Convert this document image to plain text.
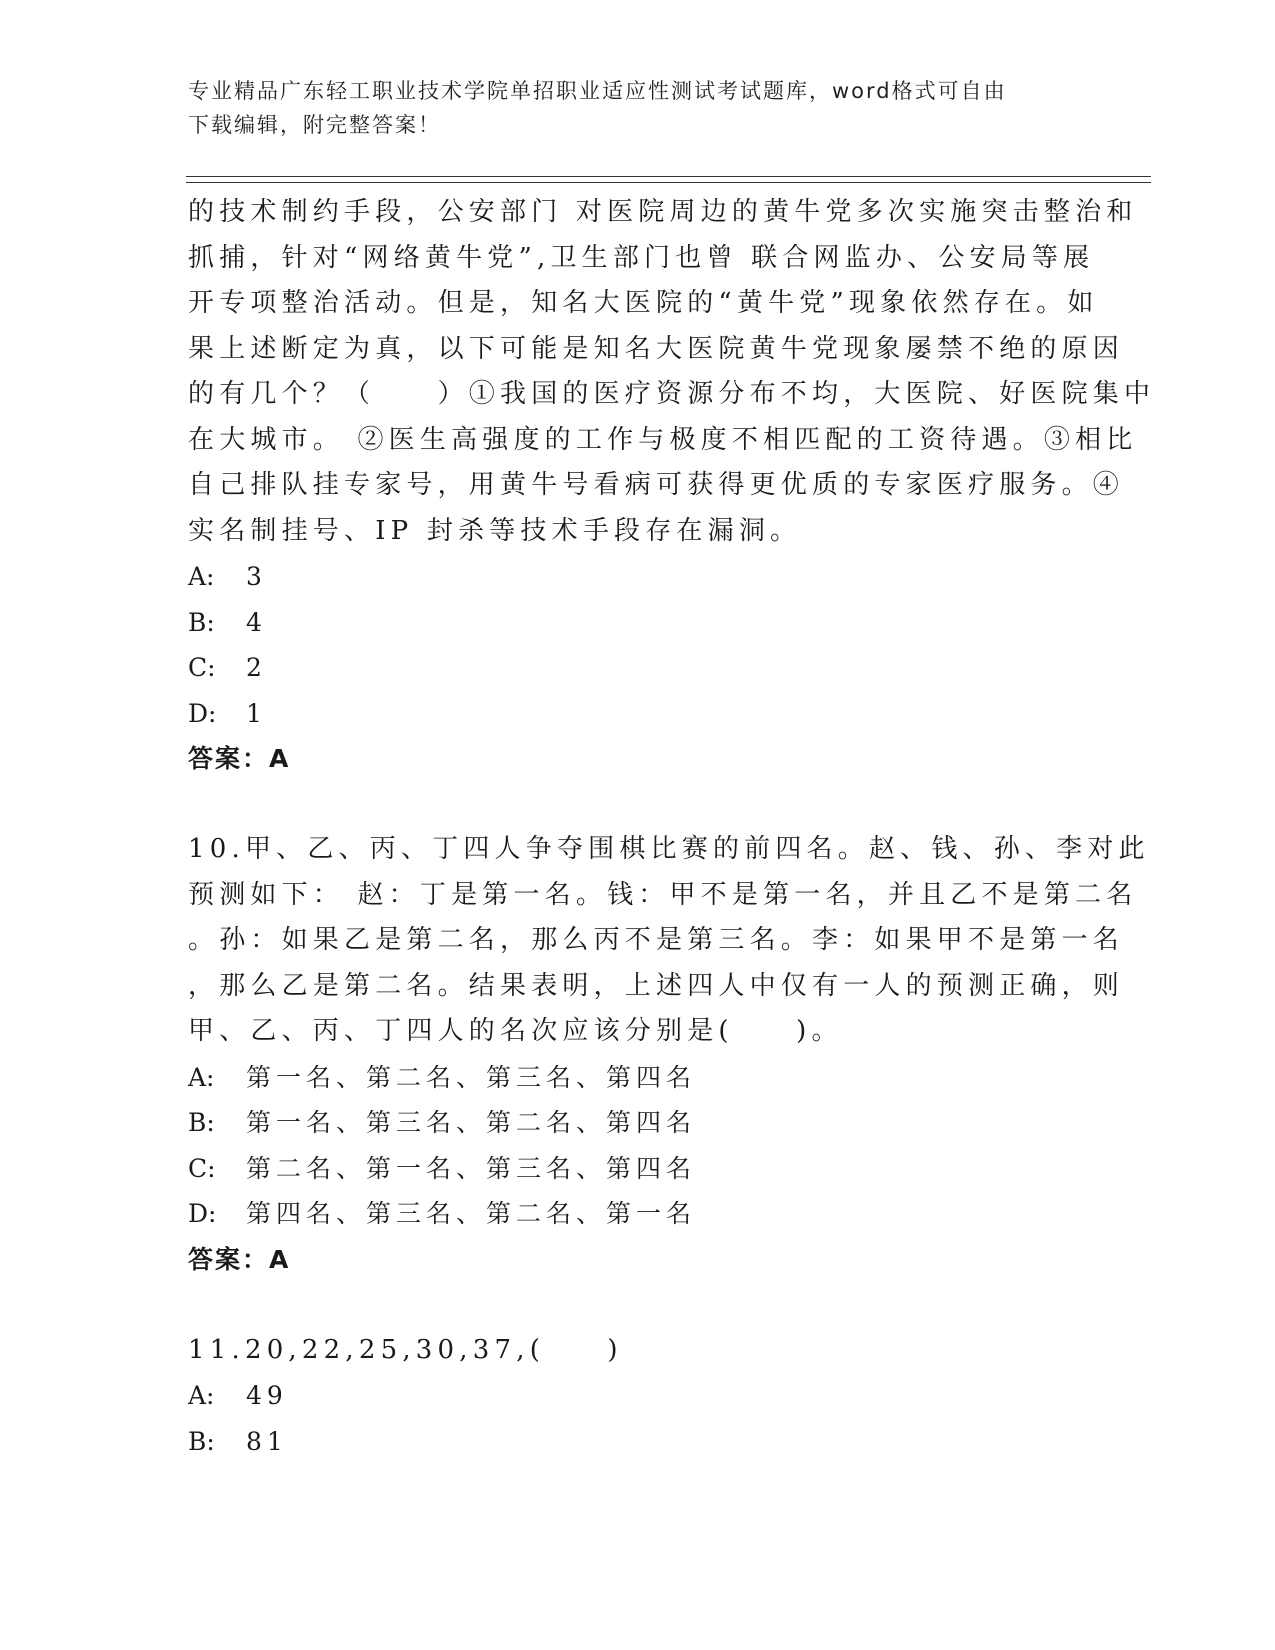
专业精品广东轻工职业技术学院单招职业适应性测试考试题库，word格式可自由
下载编辑，附完整答案！
的技术制约手段，公安部门 对医院周边的黄牛党多次实施突击整治和
抓捕，针对“网络黄牛党”,卫生部门也曾 联合网监办、公安局等展
开专项整治活动。但是，知名大医院的“黄牛党”现象依然存在。如
果上述断定为真，以下可能是知名大医院黄牛党现象屡禁不绝的原因
的有几个？（　　）①我国的医疗资源分布不均，大医院、好医院集中
在大城市。 ②医生高强度的工作与极度不相匹配的工资待遇。③相比
自己排队挂专家号，用黄牛号看病可获得更优质的专家医疗服务。④
实名制挂号、IP 封杀等技术手段存在漏洞。
A: 3
B: 4
C: 2
D: 1
答案：A
10.甲、乙、丙、丁四人争夺围棋比赛的前四名。赵、钱、孙、李对此
预测如下： 赵：丁是第一名。钱：甲不是第一名，并且乙不是第二名
。孙：如果乙是第二名，那么丙不是第三名。李：如果甲不是第一名
，那么乙是第二名。结果表明，上述四人中仅有一人的预测正确，则
甲、乙、丙、丁四人的名次应该分别是(　　)。
A: 第一名、第二名、第三名、第四名
B: 第一名、第三名、第二名、第四名
C: 第二名、第一名、第三名、第四名
D: 第四名、第三名、第二名、第一名
答案：A
11.20,22,25,30,37,(　　)
A: 49
B: 81
